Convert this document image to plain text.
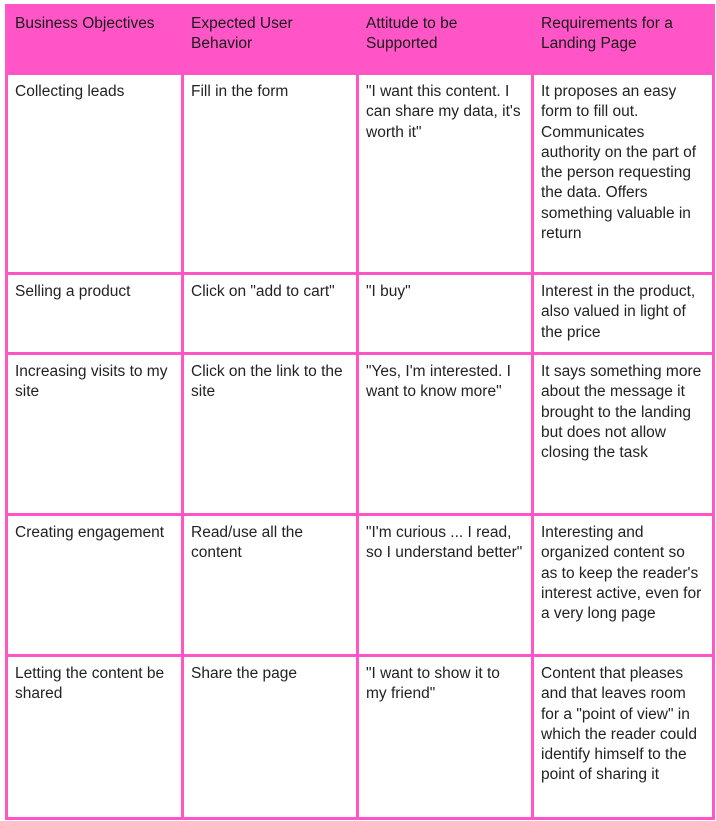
Business Objectives	Expected User Behavior	Attitude to be Supported	Requirements for a Landing Page
Collecting leads	Fill in the form	"I want this content. I can share my data, it's worth it"	It proposes an easy form to fill out. Communicates authority on the part of the person requesting the data. Offers something valuable in return
Selling a product	Click on "add to cart"	"I buy"	Interest in the product, also valued in light of the price
Increasing visits to my site	Click on the link to the site	"Yes, I'm interested. I want to know more"	It says something more about the message it brought to the landing but does not allow closing the task
Creating engagement	Read/use all the content	"I'm curious ... I read, so I understand better"	Interesting and organized content so as to keep the reader's interest active, even for a very long page
Letting the content be shared	Share the page	"I want to show it to my friend"	Content that pleases and that leaves room for a "point of view" in which the reader could identify himself to the point of sharing it
